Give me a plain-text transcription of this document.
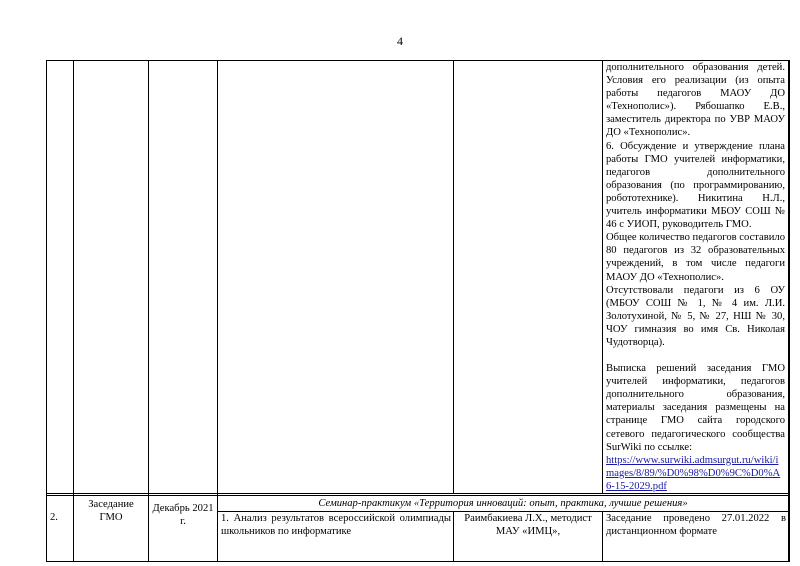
4
дополнительного образования детей. Условия его реализации (из опыта работы педагогов МАОУ ДО «Технополис»). Рябошапко Е.В., заместитель директора по УВР МАОУ ДО «Технополис».
6. Обсуждение и утверждение плана работы ГМО учителей информатики, педагогов дополнительного образования (по программированию, робототехнике). Никитина Н.Л., учитель информатики МБОУ СОШ № 46 с УИОП, руководитель ГМО.
Общее количество педагогов составило 80 педагогов из 32 образовательных учреждений, в том числе педагоги МАОУ ДО «Технополис».
Отсутствовали педагоги из 6 ОУ (МБОУ СОШ № 1, № 4 им. Л.И. Золотухиной, № 5, № 27, НШ № 30, ЧОУ гимназия во имя Св. Николая Чудотворца).
Выписка решений заседания ГМО учителей информатики, педагогов дополнительного образования, материалы заседания размещены на странице ГМО сайта городского сетевого педагогического сообщества SurWiki по ссылке:
https://www.surwiki.admsurgut.ru/wiki/images/8/89/%D0%98%D0%9C%D0%A6-15-2029.pdf
2.
Заседание ГМО
Декабрь 2021 г.
Семинар-практикум «Территория инноваций: опыт, практика, лучшие решения»
1. Анализ результатов всероссийской олимпиады школьников по информатике
Раимбакиева Л.Х., методист МАУ «ИМЦ»,
Заседание проведено 27.01.2022 в дистанционном формате
